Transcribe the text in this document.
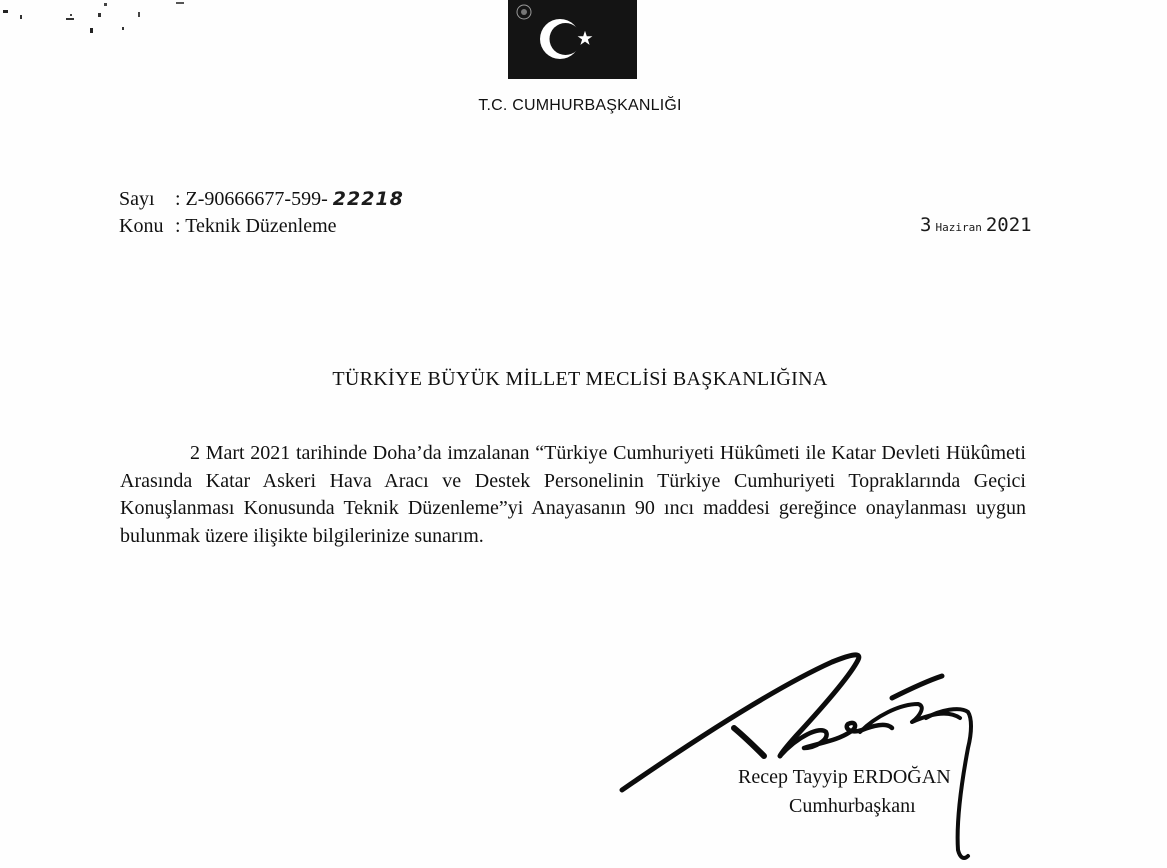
T.C. CUMHURBAŞKANLIĞI
Sayı : Z-90666677-599- 22218
Konu : Teknik Düzenleme	3 Haziran 2021
TÜRKİYE BÜYÜK MİLLET MECLİSİ BAŞKANLIĞINA

2 Mart 2021 tarihinde Doha’da imzalanan “Türkiye Cumhuriyeti Hükûmeti ile Katar Devleti Hükûmeti Arasında Katar Askeri Hava Aracı ve Destek Personelinin Türkiye Cumhuriyeti Topraklarında Geçici Konuşlanması Konusunda Teknik Düzenleme”yi Anayasanın 90 ıncı maddesi gereğince onaylanması uygun bulunmak üzere ilişikte bilgilerinize sunarım.

Recep Tayyip ERDOĞAN
Cumhurbaşkanı
